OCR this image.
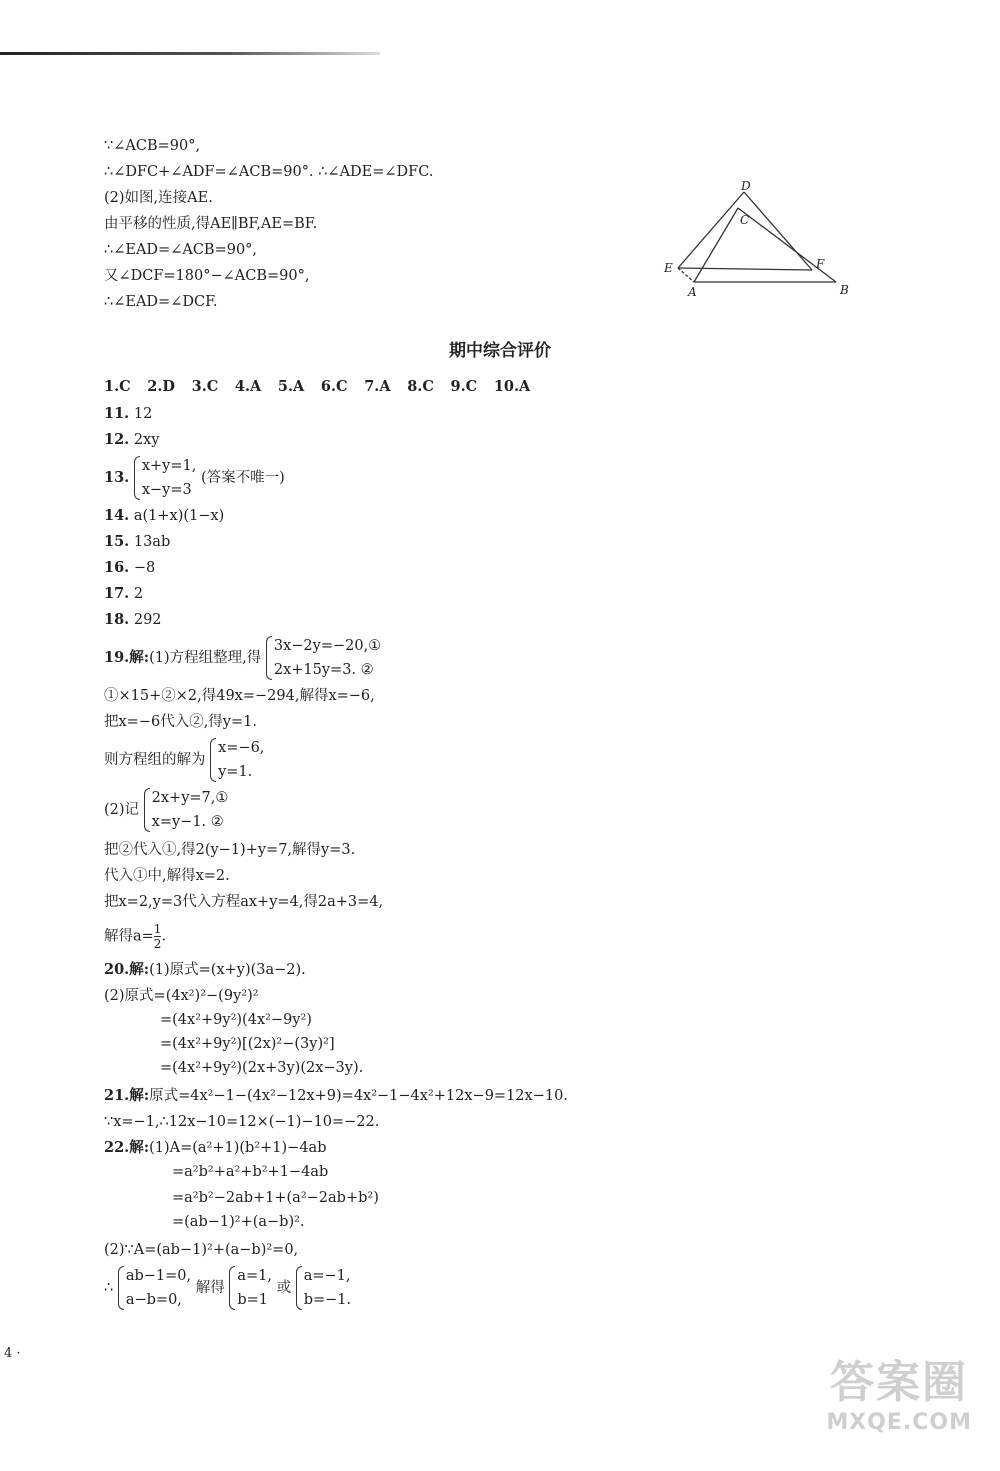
∵∠ACB=90°,
∴∠DFC+∠ADF=∠ACB=90°. ∴∠ADE=∠DFC.
(2)如图,连接AE.
由平移的性质,得AE∥BF,AE=BF.
∴∠EAD=∠ACB=90°,
又∠DCF=180°−∠ACB=90°,
∴∠EAD=∠DCF.
D
C
E	F
A	B
期中综合评价
1.C 2.D 3.C 4.A 5.A 6.C 7.A 8.C 9.C 10.A
11. 12
12. 2xy
13.
x+y=1,
x−y=3
(答案不唯一)
14. a(1+x)(1−x)
15. 13ab
16. −8
17. 2
18. 292
19.解:(1)方程组整理,得
3x−2y=−20,①
2x+15y=3. ②
①×15+②×2,得49x=−294,解得x=−6,
把x=−6代入②,得y=1.
则方程组的解为
x=−6,
y=1.
(2)记
2x+y=7,①
x=y−1. ②
把②代入①,得2(y−1)+y=7,解得y=3.
代入①中,解得x=2.
把x=2,y=3代入方程ax+y=4,得2a+3=4,
解得$a= \frac{1}{2}$ .
20.解:(1)原式=(x+y)(3a−2).
(2)原式=(4x²)²−(9y²)²
=(4x²+9y²)(4x²−9y²)
=(4x²+9y²)[(2x)²−(3y)²]
=(4x²+9y²)(2x+3y)(2x−3y).
21.解:原式=4x²−1−(4x²−12x+9)=4x²−1−4x²+12x−9=12x−10.
∵x=−1,∴12x−10=12×(−1)−10=−22.
22.解:(1)A=(a²+1)(b²+1)−4ab
=a²b²+a²+b²+1−4ab
=a²b²−2ab+1+(a²−2ab+b²)
=(ab−1)²+(a−b)².
(2)∵A=(ab−1)²+(a−b)²=0,
∴
ab−1=0,
a−b=0,
解得
a=1,
b=1
或
a=−1,
b=−1.
4 ·
答案圈
MXQE.COM
